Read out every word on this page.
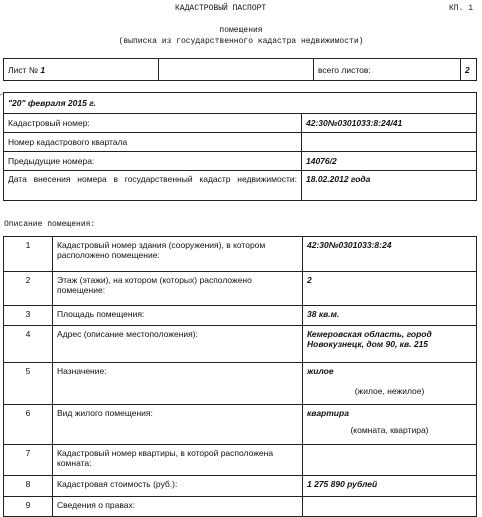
КАДАСТРОВЫЙ ПАСПОРТ	КП. 1
помещения
(выписка из государственного кадастра недвижимости)
⌐
Лист № 1		всего листов:	2
"20" февраля 2015 г.	
Кадастровый номер:	42:30№0301033:8:24/41
Номер кадастрового квартала	
Предыдущие номера:	14076/2

Дата внесения номера в государственный кадастр недвижимости:	18.02.2012 года
Описание помещения:
1	Кадастровый номер здания (сооружения), в котором расположено помещение:	42:30№0301033:8:24
2	Этаж (этажи), на котором (которых) расположено помещение:	2
3	Площадь помещения:	38 кв.м.
4	Адрес (описание местоположения):	Кемеровская область, город Новокузнецк, дом 90, кв. 215
5	Назначение:	жилое
(жилое, нежилое)

6	Вид жилого помещения:	квартира
(комната, квартира)

7	Кадастровый номер квартиры, в которой расположена комната:	
8	Кадастровая стоимость (руб.):	1 275 890 рублей
9	Сведения о правах:	
